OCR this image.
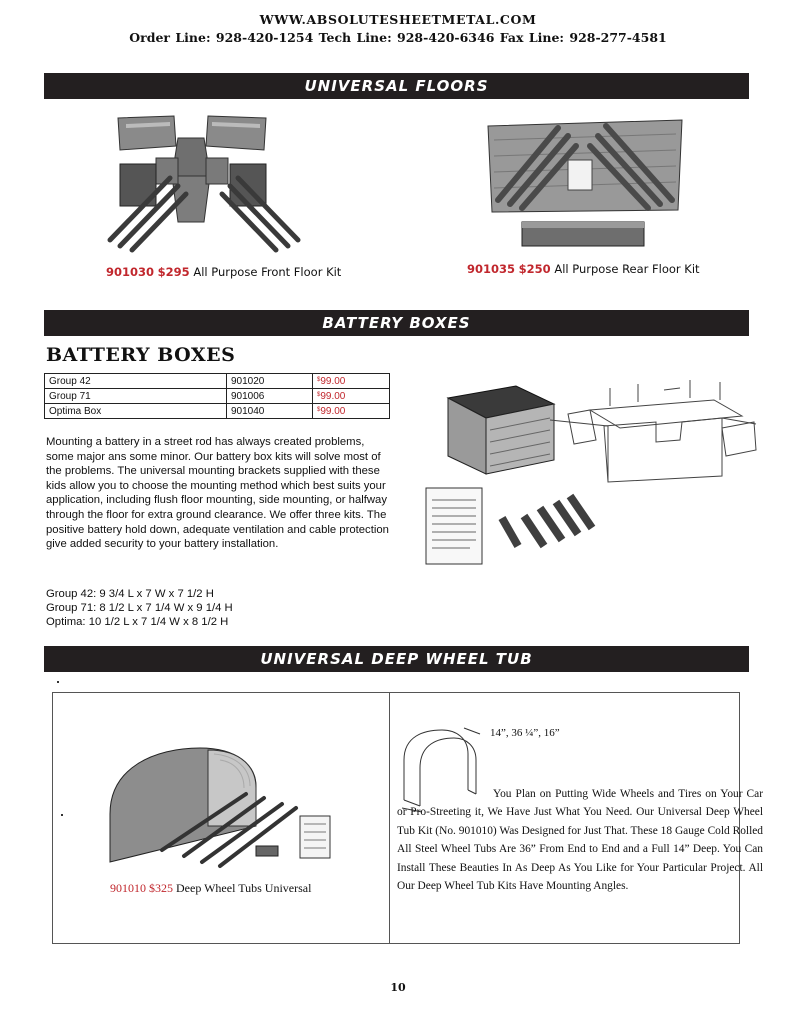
WWW.ABSOLUTESHEETMETAL.COM
Order Line: 928-420-1254 Tech Line: 928-420-6346 Fax Line: 928-277-4581
UNIVERSAL FLOORS
901030 $295 All Purpose Front Floor Kit	901035 $250 All Purpose Rear Floor Kit
BATTERY BOXES
BATTERY BOXES
Group 42	901020	$99.00
Group 71	901006	$99.00
Optima Box	901040	$99.00
Mounting a battery in a street rod has always created problems, some major ans some minor. Our battery box kits will solve most of the problems. The universal mounting brackets supplied with these kids allow you to choose the mounting method which best suits your application, including flush floor mounting, side mounting, or halfway through the floor for extra ground clearance. We offer three kits. The positive battery hold down, adequate ventilation and cable protection give added security to your battery installation.
Group 42: 9 3/4 L x 7 W x 7 1/2 H
Group 71: 8 1/2 L x 7 1/4 W x 9 1/4 H
Optima: 10 1/2 L x 7 1/4 W x 8 1/2 H
UNIVERSAL DEEP WHEEL TUB
901010 $325 Deep Wheel Tubs Universal
14”, 36 ¼”, 16”
You Plan on Putting Wide Wheels and Tires on Your Car or Pro-Streeting it, We Have Just What You Need. Our Universal Deep Wheel Tub Kit (No. 901010) Was Designed for Just That. These 18 Gauge Cold Rolled All Steel Wheel Tubs Are 36” From End to End and a Full 14” Deep. You Can Install These Beauties In As Deep As You Like for Your Particular Project. All Our Deep Wheel Tub Kits Have Mounting Angles.
10
